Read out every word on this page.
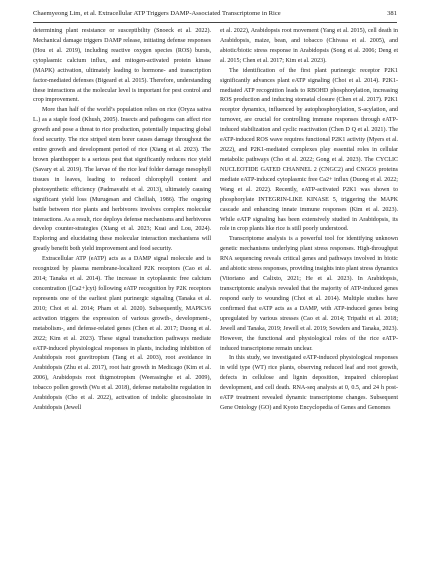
Chaemyeong Lim, et al. Extracellular ATP Triggers DAMP-Associated Transcriptome in Rice	381

determining plant resistance or susceptibility (Snoeck et al. 2022). Mechanical damage triggers DAMP release, initiating defense responses (Hou et al. 2019), including reactive oxygen species (ROS) bursts, cytoplasmic calcium influx, and mitogen-activated protein kinase (MAPK) activation, ultimately leading to hormone- and transcription factor-mediated defenses (Bigeard et al. 2015). Therefore, understanding these interactions at the molecular level is important for pest control and crop improvement.

More than half of the world’s population relies on rice (Oryza sativa L.) as a staple food (Khush, 2005). Insects and pathogens can affect rice growth and pose a threat to rice production, potentially impacting global food security. The rice striped stem borer causes damage throughout the entire growth and development period of rice (Xiang et al. 2023). The brown planthopper is a serious pest that significantly reduces rice yield (Savary et al. 2019). The larvae of the rice leaf folder damage mesophyll tissues in leaves, leading to reduced chlorophyll content and photosynthetic efficiency (Padmavathi et al. 2013), ultimately causing significant yield loss (Murugesan and Chelliah, 1986). The ongoing battle between rice plants and herbivores involves complex molecular interactions. As a result, rice deploys defense mechanisms and herbivores develop counter-strategies (Xiang et al. 2023; Kuai and Lou, 2024). Exploring and elucidating these molecular interaction mechanisms will greatly benefit both yield improvement and food security.

Extracellular ATP (eATP) acts as a DAMP signal molecule and is recognized by plasma membrane-localized P2K receptors (Cao et al. 2014; Tanaka et al. 2014). The increase in cytoplasmic free calcium concentration ([Ca2+]cyt) following eATP recognition by P2K receptors represents one of the earliest plant purinergic signaling (Tanaka et al. 2010; Choi et al. 2014; Pham et al. 2020). Subsequently, MAPK3/6 activation triggers the expression of various growth-, development-, metabolism-, and defense-related genes (Chen et al. 2017; Duong et al. 2022; Kim et al. 2023). These signal transduction pathways mediate eATP-induced physiological responses in plants, including inhibition of Arabidopsis root gravitropism (Tang et al. 2003), root avoidance in Arabidopsis (Zhu et al. 2017), root hair growth in Medicago (Kim et al. 2006), Arabidopsis root thigmotropism (Weerasinghe et al. 2009), tobacco pollen growth (Wu et al. 2018), defense metabolite regulation in Arabidopsis (Cho et al. 2022), activation of indolic glucosinolate in Arabidopsis (Jewell

et al. 2022), Arabidopsis root movement (Yang et al. 2015), cell death in Arabidopsis, maize, bean, and tobacco (Chivasa et al. 2005), and abiotic/biotic stress response in Arabidopsis (Song et al. 2006; Deng et al. 2015; Chen et al. 2017; Kim et al. 2023).

The identification of the first plant purinergic receptor P2K1 significantly advances plant eATP signaling (Choi et al. 2014). P2K1-mediated ATP recognition leads to RBOHD phosphorylation, increasing ROS production and inducing stomatal closure (Chen et al. 2017). P2K1 receptor dynamics, influenced by autophosphorylation, S-acylation, and turnover, are crucial for controlling immune responses through eATP-induced stabilization and cyclic reactivation (Chen D Q et al. 2021). The eATP-induced ROS wave requires functional P2K1 activity (Myers et al. 2022), and P2K1-mediated complexes play essential roles in cellular metabolic pathways (Cho et al. 2022; Gong et al. 2023). The CYCLIC NUCLEOTIDE GATED CHANNEL 2 (CNGC2) and CNGC6 proteins mediate eATP-induced cytoplasmic free Ca2+ influx (Duong et al. 2022; Wang et al. 2022). Recently, eATP-activated P2K1 was shown to phosphorylate INTEGRIN-LIKE KINASE 5, triggering the MAPK cascade and enhancing innate immune responses (Kim et al. 2023). While eATP signaling has been extensively studied in Arabidopsis, its role in crop plants like rice is still poorly understood.

Transcriptome analysis is a powerful tool for identifying unknown genetic mechanisms underlying plant stress responses. High-throughput RNA sequencing reveals critical genes and pathways involved in biotic and abiotic stress responses, providing insights into plant stress dynamics (Vitoriano and Calixto, 2021; He et al. 2023). In Arabidopsis, transcriptomic analysis revealed that the majority of ATP-induced genes respond early to wounding (Choi et al. 2014). Multiple studies have confirmed that eATP acts as a DAMP, with ATP-induced genes being upregulated by various stresses (Cao et al. 2014; Tripathi et al. 2018; Jewell and Tanaka, 2019; Jewell et al. 2019; Sowders and Tanaka, 2023). However, the functional and physiological roles of the rice eATP-induced transcriptome remain unclear.

In this study, we investigated eATP-induced physiological responses in wild type (WT) rice plants, observing reduced leaf and root growth, defects in cellulose and lignin deposition, impaired chloroplast development, and cell death. RNA-seq analysis at 0, 0.5, and 24 h post-eATP treatment revealed dynamic transcriptome changes. Subsequent Gene Ontology (GO) and Kyoto Encyclopedia of Genes and Genomes
